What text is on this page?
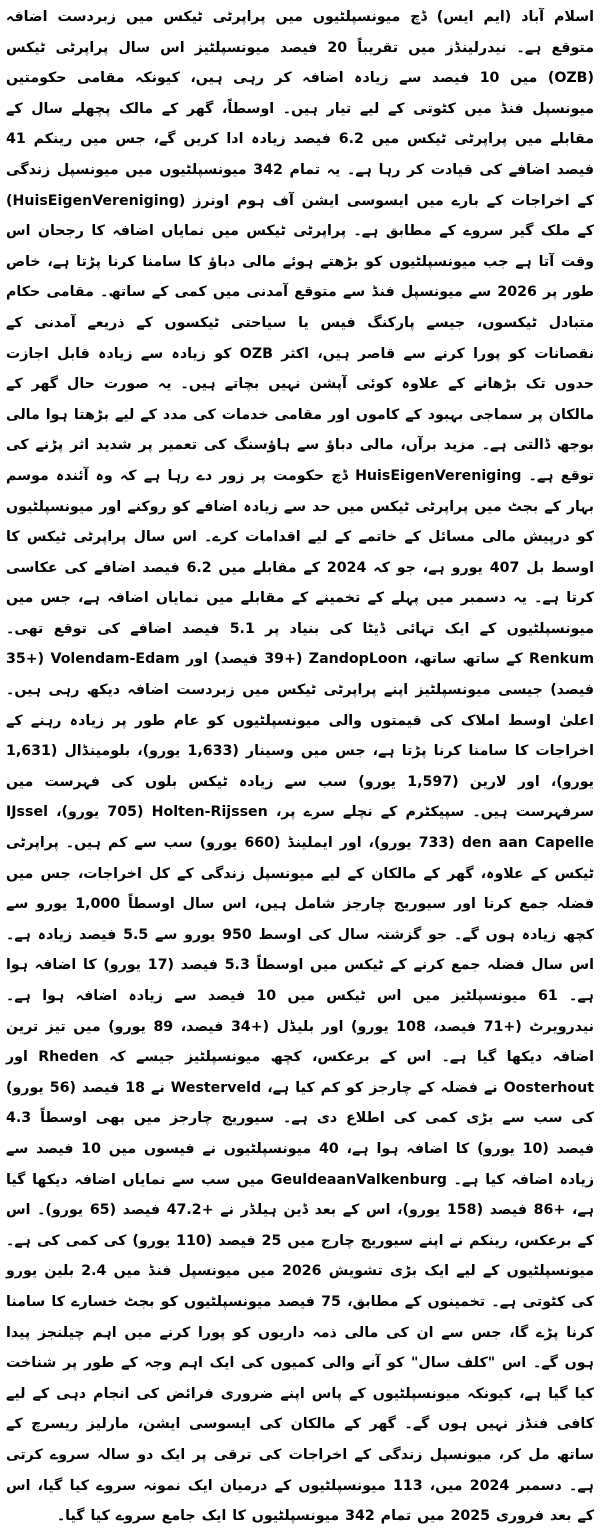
اسلام آباد (ایم ایس) ڈچ میونسپلٹیوں میں پراپرٹی ٹیکس میں زبردست اضافہ متوقع ہے۔ نیدرلینڈز میں تقریباً 20 فیصد میونسپلٹیز اس سال پراپرٹی ٹیکس (OZB) میں 10 فیصد سے زیادہ اضافہ کر رہی ہیں، کیونکہ مقامی حکومتیں میونسپل فنڈ میں کٹوتی کے لیے تیار ہیں۔ اوسطاً، گھر کے مالک پچھلے سال کے مقابلے میں پراپرٹی ٹیکس میں 6.2 فیصد زیادہ ادا کریں گے، جس میں رینکم 41 فیصد اضافے کی قیادت کر رہا ہے۔ یہ تمام 342 میونسپلٹیوں میں میونسپل زندگی کے اخراجات کے بارے میں ایسوسی ایشن آف ہوم اونرز (HuisEigenVereniging) کے ملک گیر سروے کے مطابق ہے۔ پراپرٹی ٹیکس میں نمایاں اضافہ کا رجحان اس وقت آتا ہے جب میونسپلٹیوں کو بڑھتے ہوئے مالی دباؤ کا سامنا کرنا پڑتا ہے، خاص طور پر 2026 سے میونسپل فنڈ سے متوقع آمدنی میں کمی کے ساتھ۔ مقامی حکام متبادل ٹیکسوں، جیسے پارکنگ فیس یا سیاحتی ٹیکسوں کے ذریعے آمدنی کے نقصانات کو پورا کرنے سے قاصر ہیں، اکثر OZB کو زیادہ سے زیادہ قابل اجازت حدوں تک بڑھانے کے علاوہ کوئی آپشن نہیں بچاتے ہیں۔ یہ صورت حال گھر کے مالکان پر سماجی بہبود کے کاموں اور مقامی خدمات کی مدد کے لیے بڑھتا ہوا مالی بوجھ ڈالتی ہے۔ مزید برآں، مالی دباؤ سے ہاؤسنگ کی تعمیر پر شدید اثر پڑنے کی توقع ہے۔ HuisEigenVereniging ڈچ حکومت پر زور دے رہا ہے کہ وہ آئندہ موسم بہار کے بجٹ میں پراپرٹی ٹیکس میں حد سے زیادہ اضافے کو روکنے اور میونسپلٹیوں کو درپیش مالی مسائل کے خاتمے کے لیے اقدامات کرے۔ اس سال پراپرٹی ٹیکس کا اوسط بل 407 یورو ہے، جو کہ 2024 کے مقابلے میں 6.2 فیصد اضافے کی عکاسی کرتا ہے۔ یہ دسمبر میں پہلے کے تخمینے کے مقابلے میں نمایاں اضافہ ہے، جس میں میونسپلٹیوں کے ایک تہائی ڈیٹا کی بنیاد پر 5.1 فیصد اضافے کی توقع تھی۔ Renkum کے ساتھ ساتھ، ZandopLoon (+39 فیصد) اور Volendam-Edam (+35 فیصد) جیسی میونسپلٹیز اپنے پراپرٹی ٹیکس میں زبردست اضافہ دیکھ رہی ہیں۔ اعلیٰ اوسط املاک کی قیمتوں والی میونسپلٹیوں کو عام طور پر زیادہ رہنے کے اخراجات کا سامنا کرنا پڑتا ہے، جس میں وسینار (1,633 یورو)، بلومینڈال (1,631 یورو)، اور لارین (1,597 یورو) سب سے زیادہ ٹیکس بلوں کی فہرست میں سرفہرست ہیں۔ سپیکٹرم کے نچلے سرے پر، Holten-Rijssen (705 یورو)، IJssel den aan Capelle (733 یورو)، اور ایملینڈ (660 یورو) سب سے کم ہیں۔ پراپرٹی ٹیکس کے علاوہ، گھر کے مالکان کے لیے میونسپل زندگی کے کل اخراجات، جس میں فضلہ جمع کرنا اور سیوریج چارجز شامل ہیں، اس سال اوسطاً 1,000 یورو سے کچھ زیادہ ہوں گے۔ جو گزشتہ سال کی اوسط 950 یورو سے 5.5 فیصد زیادہ ہے۔ اس سال فضلہ جمع کرنے کے ٹیکس میں اوسطاً 5.3 فیصد (17 یورو) کا اضافہ ہوا ہے۔ 61 میونسپلٹیز میں اس ٹیکس میں 10 فیصد سے زیادہ اضافہ ہوا ہے۔ نیدرویرٹ (+71 فیصد، 108 یورو) اور بلیڈل (+34 فیصد، 89 یورو) میں تیز ترین اضافہ دیکھا گیا ہے۔ اس کے برعکس، کچھ میونسپلٹیز جیسے کہ Rheden اور Oosterhout نے فضلہ کے چارجز کو کم کیا ہے، Westerveld نے 18 فیصد (56 یورو) کی سب سے بڑی کمی کی اطلاع دی ہے۔ سیوریج چارجز میں بھی اوسطاً 4.3 فیصد (10 یورو) کا اضافہ ہوا ہے، 40 میونسپلٹیوں نے فیسوں میں 10 فیصد سے زیادہ اضافہ کیا ہے۔ GeuldeaanValkenburg میں سب سے نمایاں اضافہ دیکھا گیا ہے، +86 فیصد (158 یورو)، اس کے بعد ڈین ہیلڈر نے +47.2 فیصد (65 یورو)۔ اس کے برعکس، رینکم نے اپنے سیوریج چارج میں 25 فیصد (110 یورو) کی کمی کی ہے۔ میونسپلٹیوں کے لیے ایک بڑی تشویش 2026 میں میونسپل فنڈ میں 2.4 بلین یورو کی کٹوتی ہے۔ تخمینوں کے مطابق، 75 فیصد میونسپلٹیوں کو بجٹ خسارے کا سامنا کرنا پڑے گا، جس سے ان کی مالی ذمہ داریوں کو پورا کرنے میں اہم چیلنجز پیدا ہوں گے۔ اس "کلف سال" کو آنے والی کمیوں کی ایک اہم وجہ کے طور پر شناخت کیا گیا ہے، کیونکہ میونسپلٹیوں کے پاس اپنے ضروری فرائض کی انجام دہی کے لیے کافی فنڈز نہیں ہوں گے۔ گھر کے مالکان کی ایسوسی ایشن، مارلیز ریسرچ کے ساتھ مل کر، میونسپل زندگی کے اخراجات کی ترقی پر ایک دو سالہ سروے کرتی ہے۔ دسمبر 2024 میں، 113 میونسپلٹیوں کے درمیان ایک نمونہ سروے کیا گیا، اس کے بعد فروری 2025 میں تمام 342 میونسپلٹیوں کا ایک جامع سروے کیا گیا۔
